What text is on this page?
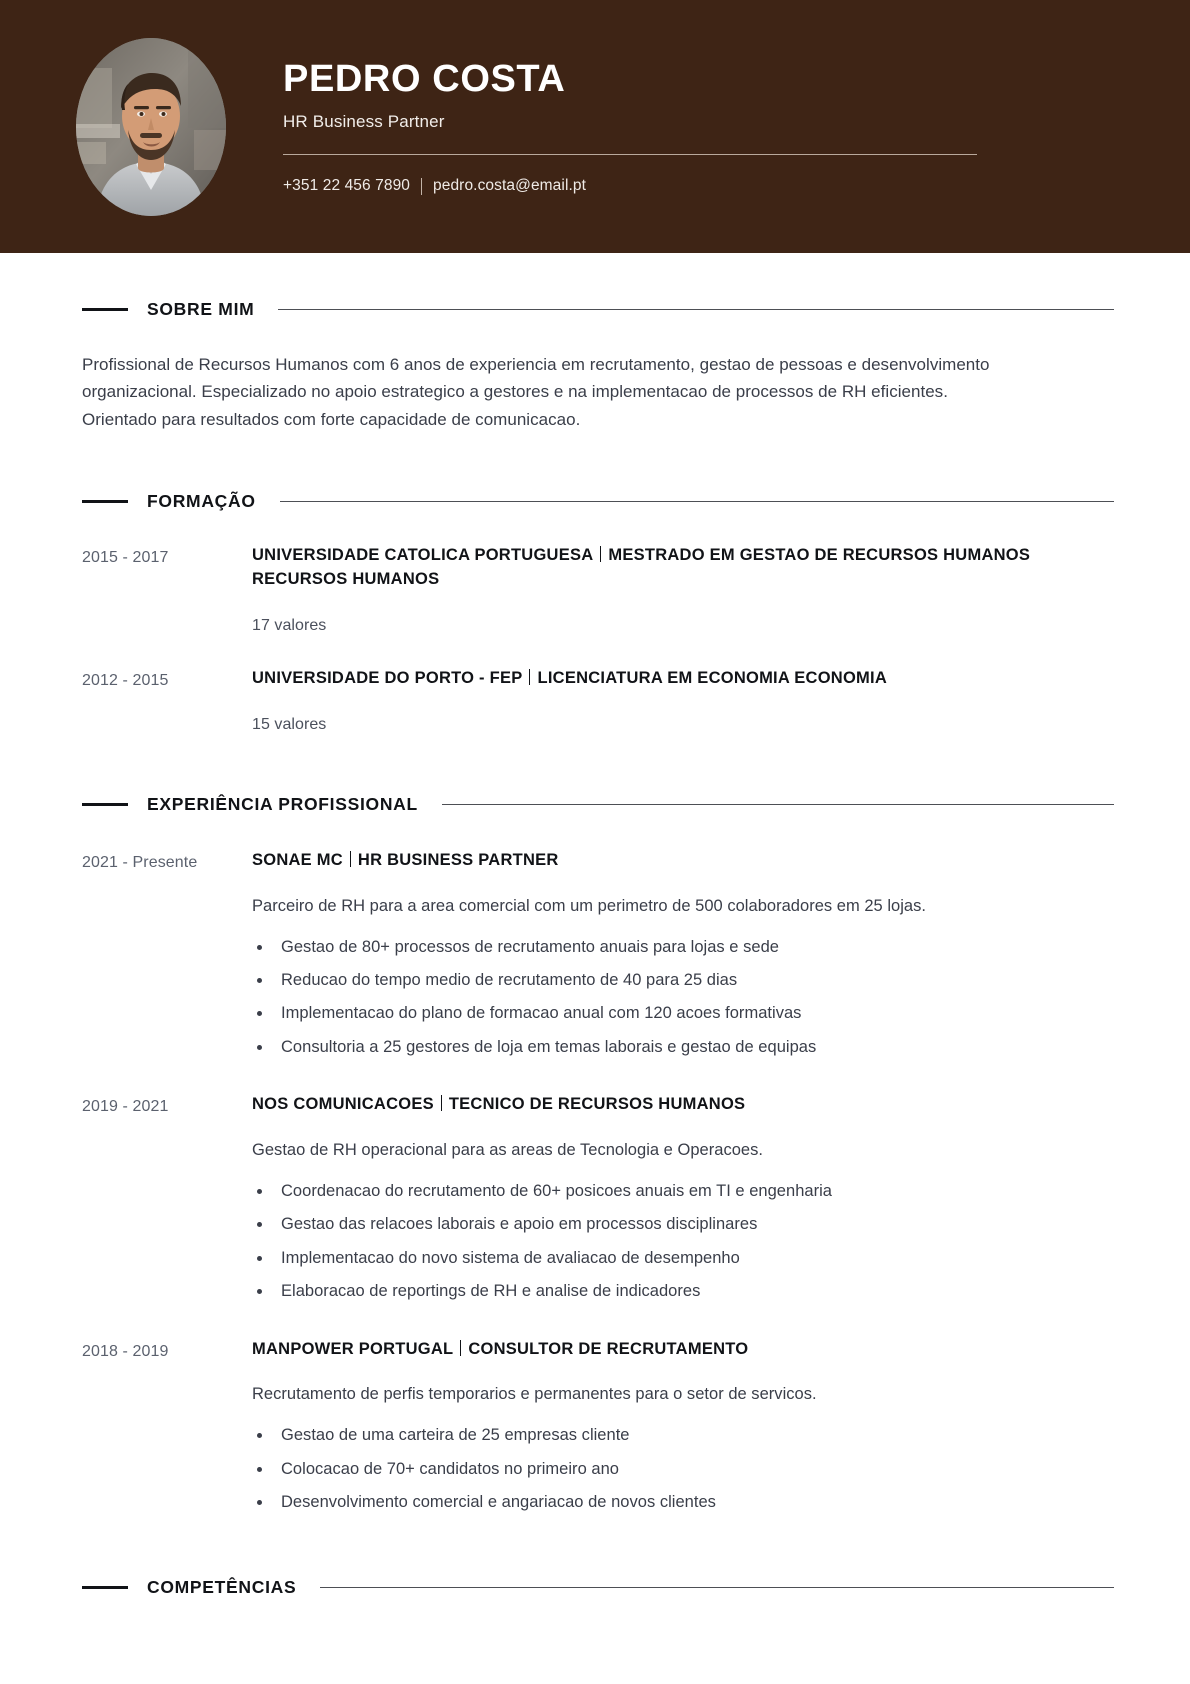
PEDRO COSTA
HR Business Partner
+351 22 456 7890 pedro.costa@email.pt
SOBRE MIM

Profissional de Recursos Humanos com 6 anos de experiencia em recrutamento, gestao de pessoas e desenvolvimento organizacional. Especializado no apoio estrategico a gestores e na implementacao de processos de RH eficientes. Orientado para resultados com forte capacidade de comunicacao.

FORMAÇÃO
2015 - 2017	UNIVERSIDADE CATOLICA PORTUGUESA MESTRADO EM GESTAO DE RECURSOS HUMANOS RECURSOS HUMANOS
17 valores
2012 - 2015	UNIVERSIDADE DO PORTO - FEP LICENCIATURA EM ECONOMIA ECONOMIA
15 valores
EXPERIÊNCIA PROFISSIONAL
2021 - Presente	SONAE MC HR BUSINESS PARTNER
Parceiro de RH para a area comercial com um perimetro de 500 colaboradores em 25 lojas.
Gestao de 80+ processos de recrutamento anuais para lojas e sede
Reducao do tempo medio de recrutamento de 40 para 25 dias
Implementacao do plano de formacao anual com 120 acoes formativas
Consultoria a 25 gestores de loja em temas laborais e gestao de equipas
2019 - 2021	NOS COMUNICACOES TECNICO DE RECURSOS HUMANOS
Gestao de RH operacional para as areas de Tecnologia e Operacoes.
Coordenacao do recrutamento de 60+ posicoes anuais em TI e engenharia
Gestao das relacoes laborais e apoio em processos disciplinares
Implementacao do novo sistema de avaliacao de desempenho
Elaboracao de reportings de RH e analise de indicadores
2018 - 2019	MANPOWER PORTUGAL CONSULTOR DE RECRUTAMENTO
Recrutamento de perfis temporarios e permanentes para o setor de servicos.
Gestao de uma carteira de 25 empresas cliente
Colocacao de 70+ candidatos no primeiro ano
Desenvolvimento comercial e angariacao de novos clientes
COMPETÊNCIAS
